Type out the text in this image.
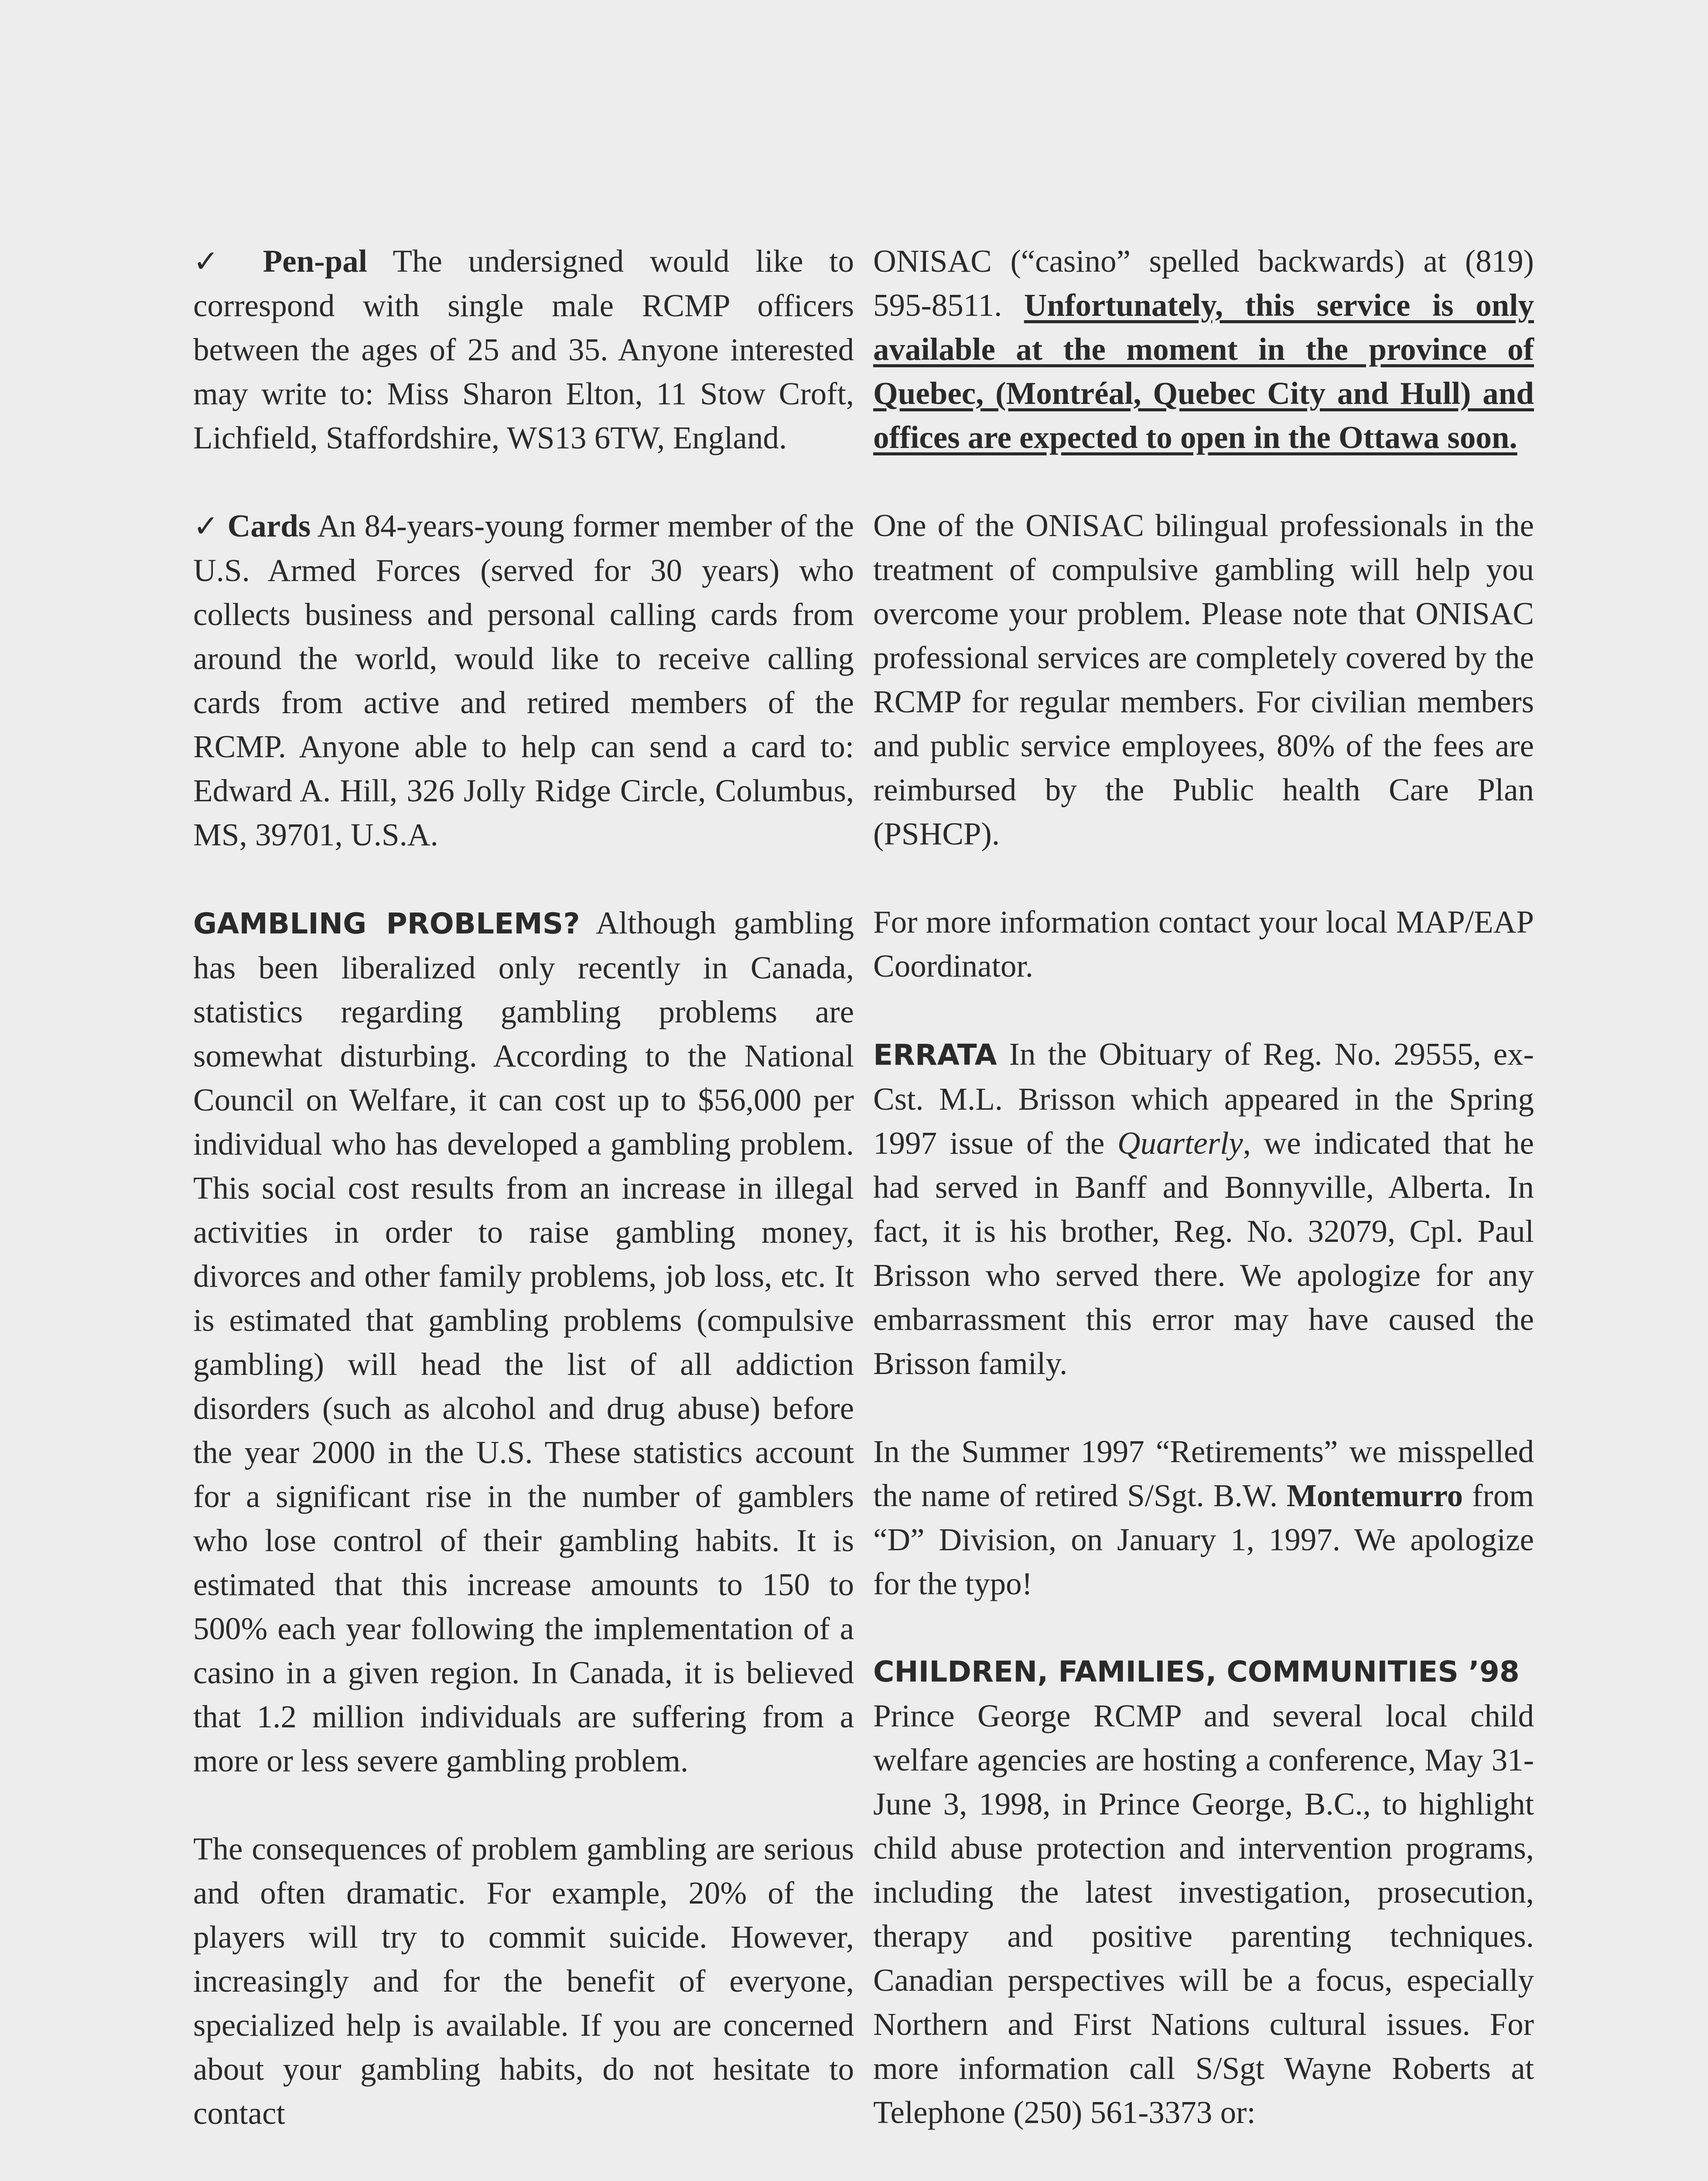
✓ Pen-pal The undersigned would like to correspond with single male RCMP officers between the ages of 25 and 35. Anyone interested may write to: Miss Sharon Elton, 11 Stow Croft, Lichfield, Staffordshire, WS13 6TW, England.

✓ Cards An 84-years-young former member of the U.S. Armed Forces (served for 30 years) who collects business and personal calling cards from around the world, would like to receive calling cards from active and retired members of the RCMP. Anyone able to help can send a card to: Edward A. Hill, 326 Jolly Ridge Circle, Columbus, MS, 39701, U.S.A.

GAMBLING PROBLEMS? Although gambling has been liberalized only recently in Canada, statistics regarding gambling problems are somewhat disturbing. According to the National Council on Welfare, it can cost up to $56,000 per individual who has developed a gambling problem. This social cost results from an increase in illegal activities in order to raise gambling money, divorces and other family problems, job loss, etc. It is estimated that gambling problems (compulsive gambling) will head the list of all addiction disorders (such as alcohol and drug abuse) before the year 2000 in the U.S. These statistics account for a significant rise in the number of gamblers who lose control of their gambling habits. It is estimated that this increase amounts to 150 to 500% each year following the implementation of a casino in a given region. In Canada, it is believed that 1.2 million individuals are suffering from a more or less severe gambling problem.

The consequences of problem gambling are serious and often dramatic. For example, 20% of the players will try to commit suicide. However, increasingly and for the benefit of everyone, specialized help is available. If you are concerned about your gambling habits, do not hesitate to contact

ONISAC (“casino” spelled backwards) at (819) 595-8511. Unfortunately, this service is only available at the moment in the province of Quebec, (Montréal, Quebec City and Hull) and offices are expected to open in the Ottawa soon.

One of the ONISAC bilingual professionals in the treatment of compulsive gambling will help you overcome your problem. Please note that ONISAC professional services are completely covered by the RCMP for regular members. For civilian members and public service employees, 80% of the fees are reimbursed by the Public health Care Plan (PSHCP).

For more information contact your local MAP/EAP Coordinator.

ERRATA In the Obituary of Reg. No. 29555, ex-Cst. M.L. Brisson which appeared in the Spring 1997 issue of the Quarterly, we indicated that he had served in Banff and Bonnyville, Alberta. In fact, it is his brother, Reg. No. 32079, Cpl. Paul Brisson who served there. We apologize for any embarrassment this error may have caused the Brisson family.

In the Summer 1997 “Retirements” we misspelled the name of retired S/Sgt. B.W. Montemurro from “D” Division, on January 1, 1997. We apologize for the typo!

CHILDREN, FAMILIES, COMMUNITIES ’98

Prince George RCMP and several local child welfare agencies are hosting a conference, May 31-June 3, 1998, in Prince George, B.C., to highlight child abuse protection and intervention programs, including the latest investigation, prosecution, therapy and positive parenting techniques. Canadian perspectives will be a focus, especially Northern and First Nations cultural issues. For more information call S/Sgt Wayne Roberts at Telephone (250) 561-3373 or:
